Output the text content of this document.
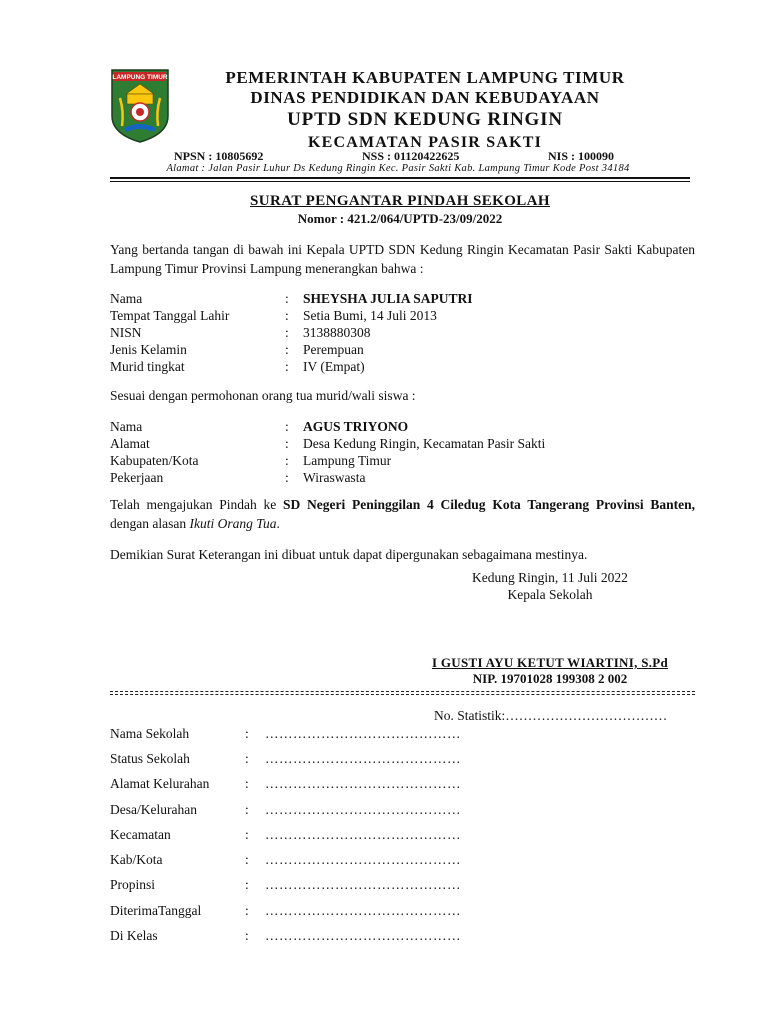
LAMPUNG TIMUR	PEMERINTAH KABUPATEN LAMPUNG TIMUR
DINAS PENDIDIKAN DAN KEBUDAYAAN
UPTD SDN KEDUNG RINGIN
KECAMATAN PASIR SAKTI
NPSN : 10805692	NSS : 01120422625	NIS : 100090
Alamat : Jalan Pasir Luhur Ds Kedung Ringin Kec. Pasir Sakti Kab. Lampung Timur Kode Post 34184
SURAT PENGANTAR PINDAH SEKOLAH
Nomor : 421.2/064/UPTD-23/09/2022
Yang bertanda tangan di bawah ini Kepala UPTD SDN Kedung Ringin Kecamatan Pasir Sakti Kabupaten Lampung Timur Provinsi Lampung menerangkan bahwa :
Nama	: SHEYSHA JULIA SAPUTRI
Tempat Tanggal Lahir	: Setia Bumi, 14 Juli 2013
NISN	: 3138880308
Jenis Kelamin	: Perempuan
Murid tingkat	: IV (Empat)
Sesuai dengan permohonan orang tua murid/wali siswa :
Nama	: AGUS TRIYONO
Alamat	: Desa Kedung Ringin, Kecamatan Pasir Sakti
Kabupaten/Kota	: Lampung Timur
Pekerjaan	: Wiraswasta
Telah mengajukan Pindah ke SD Negeri Peninggilan 4 Ciledug Kota Tangerang Provinsi Banten, dengan alasan Ikuti Orang Tua.
Demikian Surat Keterangan ini dibuat untuk dapat dipergunakan sebagaimana mestinya.
Kedung Ringin, 11 Juli 2022
Kepala Sekolah
I GUSTI AYU KETUT WIARTINI, S.Pd
NIP. 19701028 199308 2 002
No. Statistik:………………………………
Nama Sekolah	: ……………………………………
Status Sekolah	: ……………………………………
Alamat Kelurahan	: ……………………………………
Desa/Kelurahan	: ……………………………………
Kecamatan	: ……………………………………
Kab/Kota	: ……………………………………
Propinsi	: ……………………………………
DiterimaTanggal	: ……………………………………
Di Kelas	: ……………………………………
